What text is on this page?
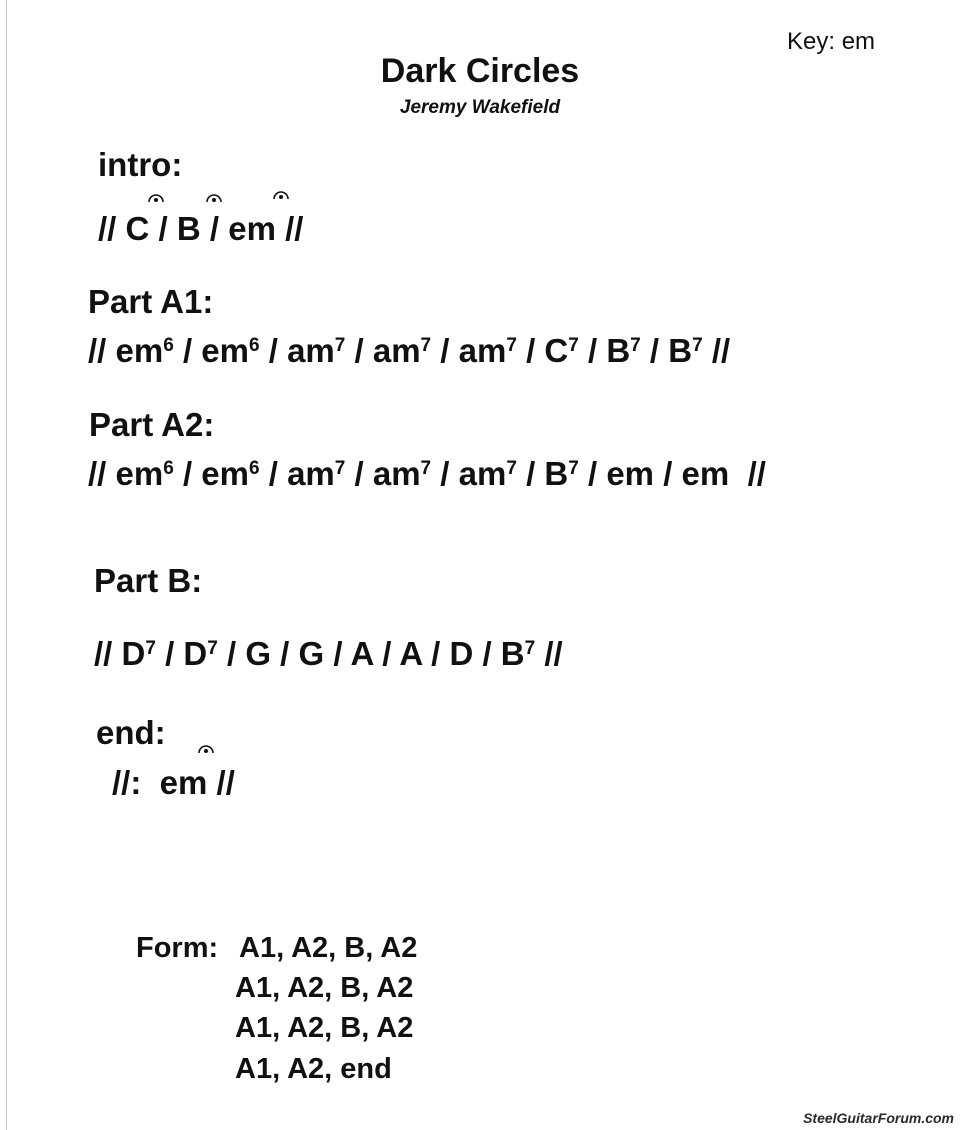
Key: em
Dark Circles
Jeremy Wakefield
intro:
// C / B / em //
Part A1:
// $em^6 / em^6 / am^7 / am^7 / am^7 / C^7 / B^7 / B^7$ //
Part A2:
// $em^6 / em^6 / am^7 / am^7 / am^7 / B^7$ / em / em  //
Part B:
// $D^7 / D^7$ / G / G / A / A / D / $B^7$ //
end:
//:  em //
Form: A1, A2, B, A2
A1, A2, B, A2
A1, A2, B, A2
A1, A2, end
SteelGuitarForum.com
